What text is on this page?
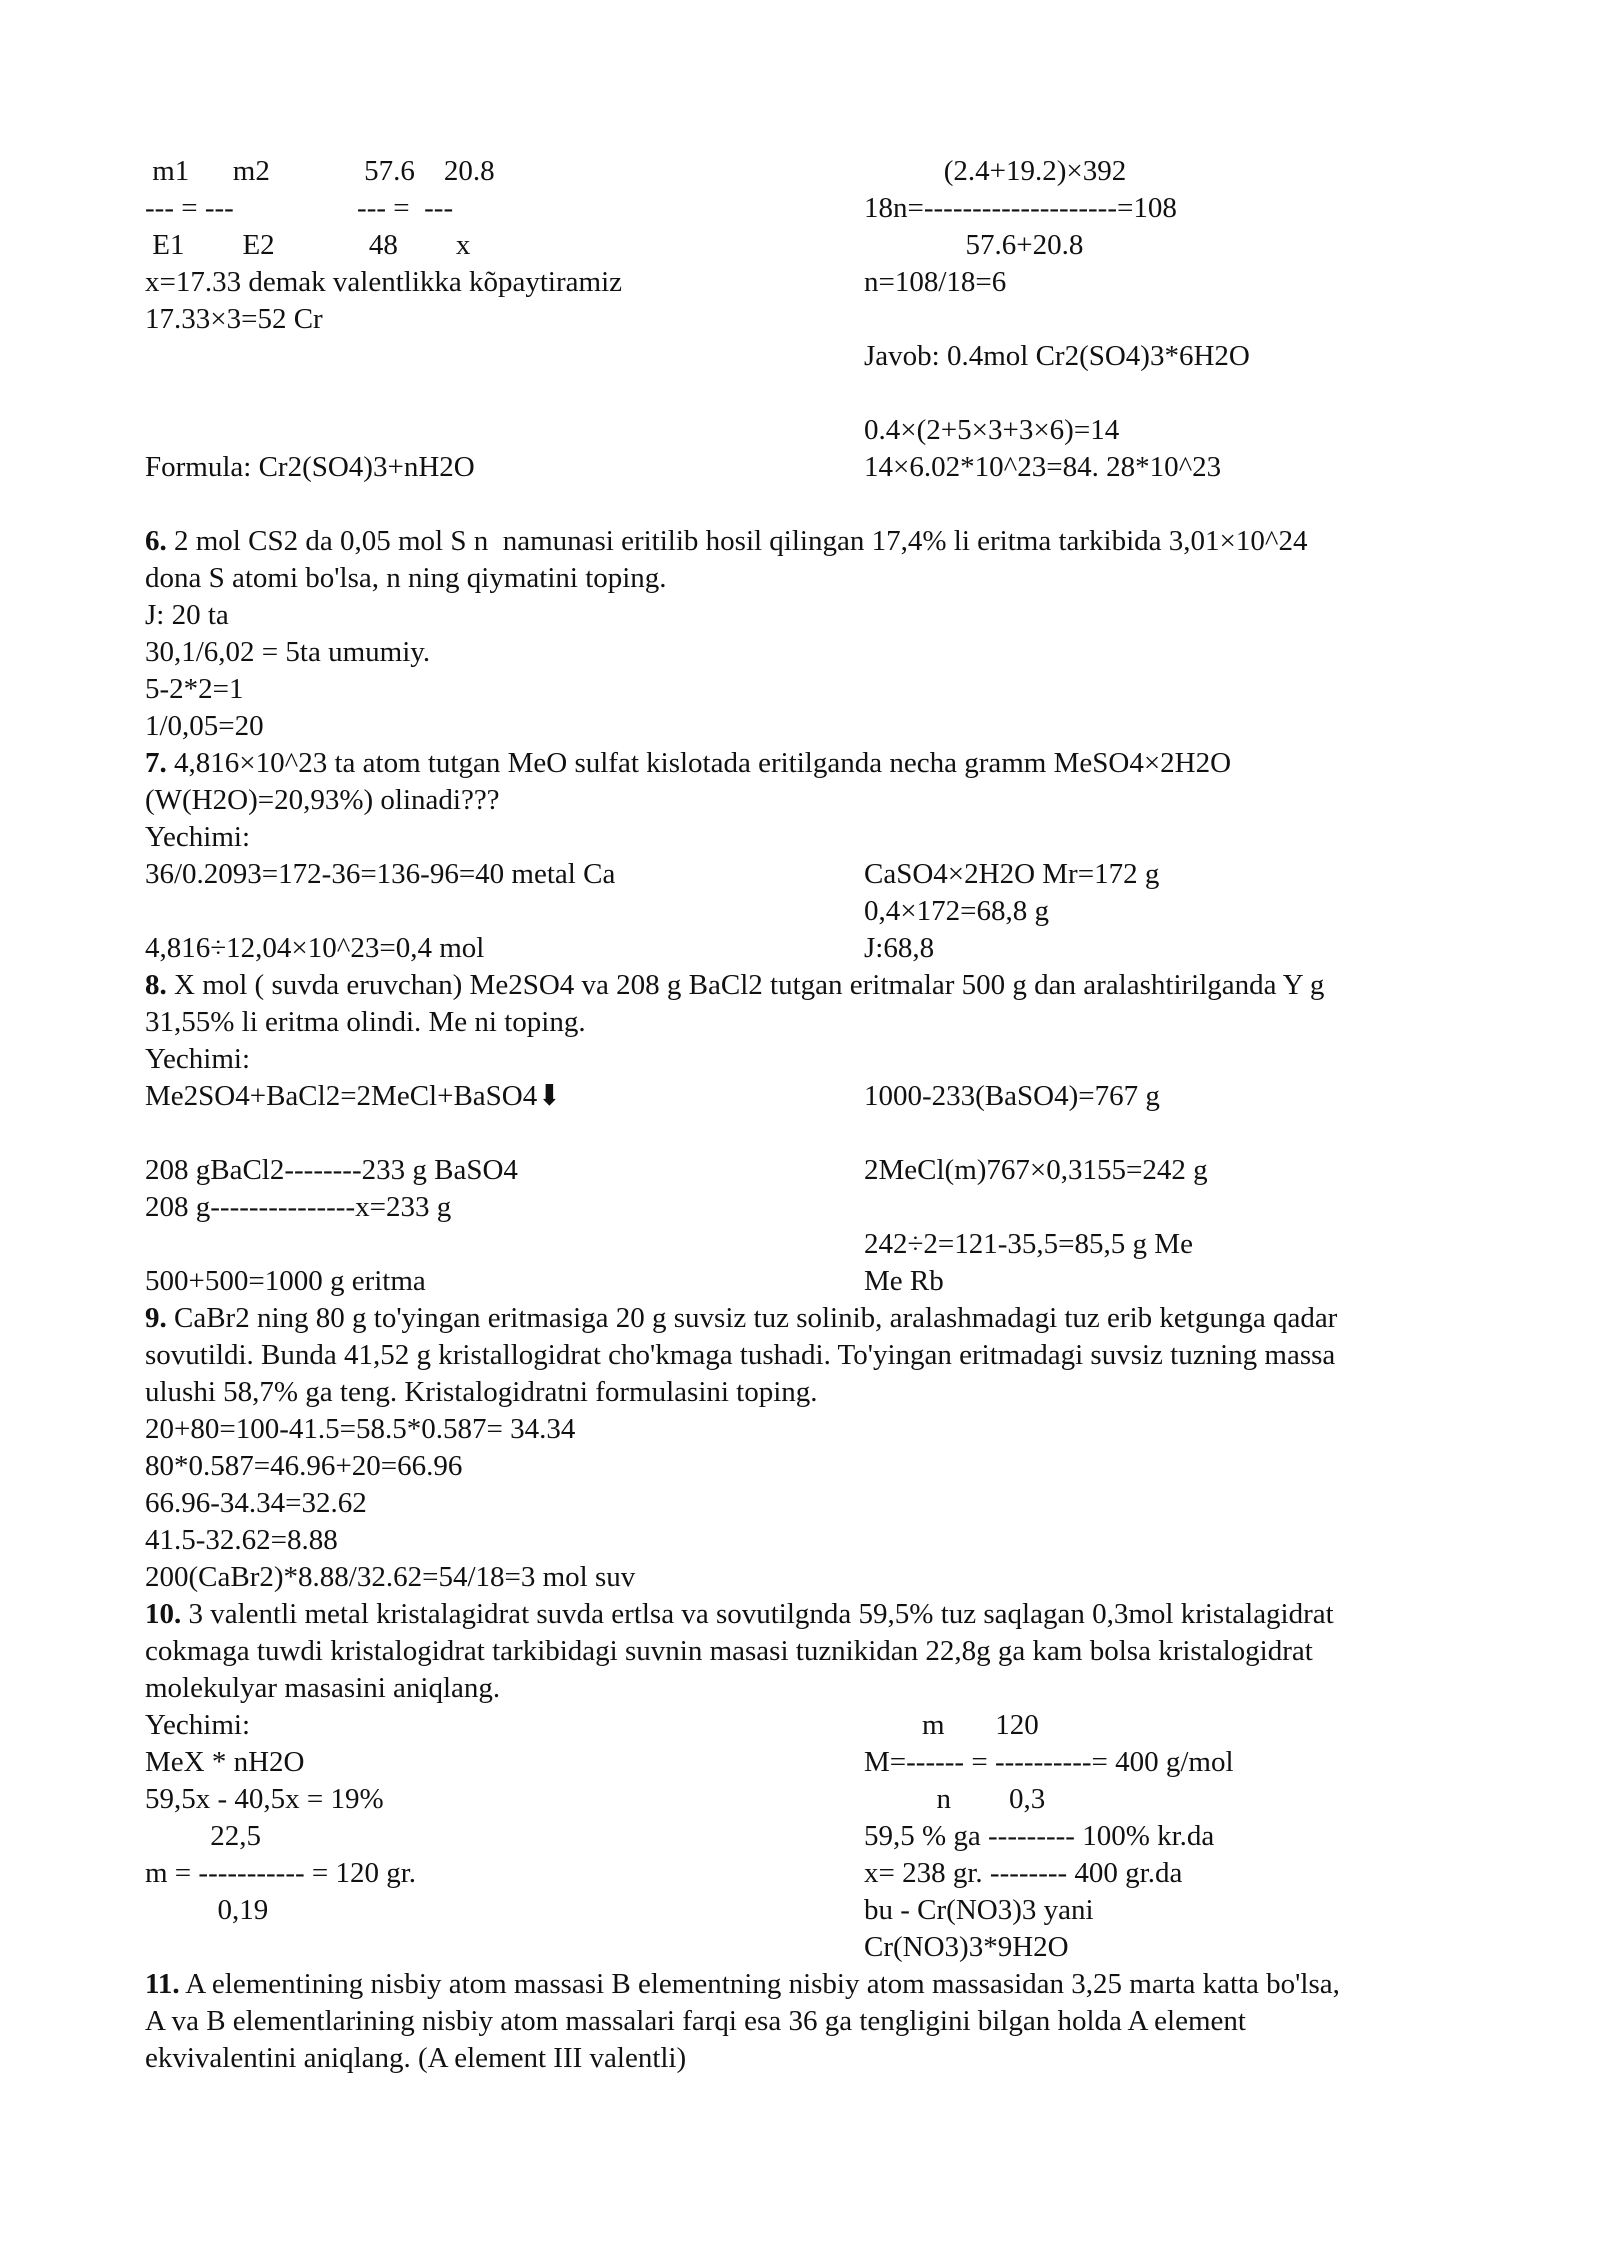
m1      m2             57.6    20.8
--- = ---                 --- =  ---
E1        E2             48        x
x=17.33 demak valentlikka kõpaytiramiz
17.33×3=52 Cr
(2.4+19.2)×392
18n=--------------------=108
57.6+20.8
n=108/18=6
Javob: 0.4mol Cr2(SO4)3*6H2O
0.4×(2+5×3+3×6)=14
Formula: Cr2(SO4)3+nH2O	14×6.02*10^23=84. 28*10^23
6. 2 mol CS2 da 0,05 mol S n  namunasi eritilib hosil qilingan 17,4% li eritma tarkibida 3,01×10^24
dona S atomi bo'lsa, n ning qiymatini toping.
J: 20 ta
30,1/6,02 = 5ta umumiy.
5-2*2=1
1/0,05=20
7. 4,816×10^23 ta atom tutgan MeO sulfat kislotada eritilganda necha gramm MeSO4×2H2O
(W(H2O)=20,93%) olinadi???
Yechimi:
36/0.2093=172-36=136-96=40 metal Ca	CaSO4×2H2O Mr=172 g
0,4×172=68,8 g
4,816÷12,04×10^23=0,4 mol	J:68,8
8. X mol ( suvda eruvchan) Me2SO4 va 208 g BaCl2 tutgan eritmalar 500 g dan aralashtirilganda Y g
31,55% li eritma olindi. Me ni toping.
Yechimi:
Me2SO4+BaCl2=2MeCl+BaSO4⬇	1000-233(BaSO4)=767 g
208 gBaCl2--------233 g BaSO4	2MeCl(m)767×0,3155=242 g
208 g---------------x=233 g
242÷2=121-35,5=85,5 g Me
500+500=1000 g eritma	Me Rb
9. CaBr2 ning 80 g to'yingan eritmasiga 20 g suvsiz tuz solinib, aralashmadagi tuz erib ketgunga qadar
sovutildi. Bunda 41,52 g kristallogidrat cho'kmaga tushadi. To'yingan eritmadagi suvsiz tuzning massa
ulushi 58,7% ga teng. Kristalogidratni formulasini toping.
20+80=100-41.5=58.5*0.587= 34.34
80*0.587=46.96+20=66.96
66.96-34.34=32.62
41.5-32.62=8.88
200(CaBr2)*8.88/32.62=54/18=3 mol suv
10. 3 valentli metal kristalagidrat suvda ertlsa va sovutilgnda 59,5% tuz saqlagan 0,3mol kristalagidrat
cokmaga tuwdi kristalogidrat tarkibidagi suvnin masasi tuznikidan 22,8g ga kam bolsa kristalogidrat
molekulyar masasini aniqlang.
Yechimi:	m       120
MeX * nH2O	M=------ = ----------= 400 g/mol
59,5x - 40,5x = 19%	n        0,3
22,5	59,5 % ga --------- 100% kr.da
m = ----------- = 120 gr.	x= 238 gr. -------- 400 gr.da
0,19	bu - Cr(NO3)3 yani
Cr(NO3)3*9H2O
11. A elementining nisbiy atom massasi B elementning nisbiy atom massasidan 3,25 marta katta bo'lsa,
A va B elementlarining nisbiy atom massalari farqi esa 36 ga tengligini bilgan holda A element
ekvivalentini aniqlang. (A element III valentli)
